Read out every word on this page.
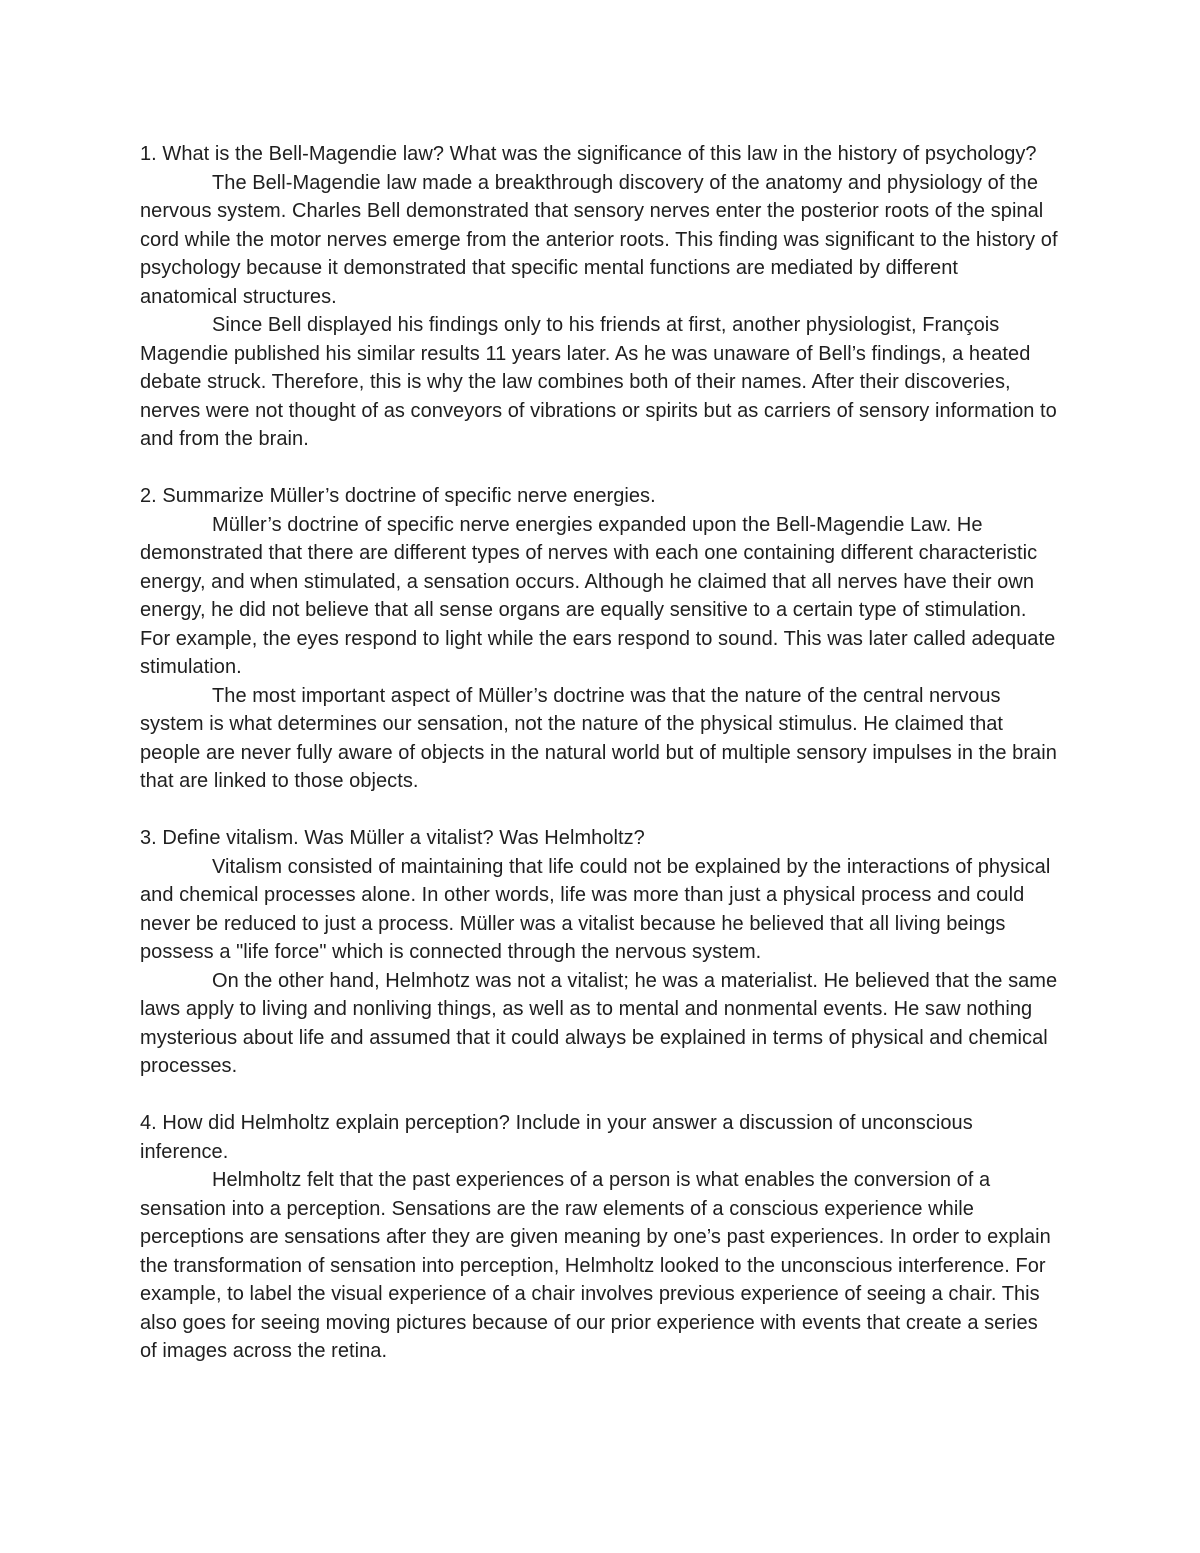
1. What is the Bell-Magendie law? What was the significance of this law in the history of psychology?

The Bell-Magendie law made a breakthrough discovery of the anatomy and physiology of the nervous system. Charles Bell demonstrated that sensory nerves enter the posterior roots of the spinal cord while the motor nerves emerge from the anterior roots. This finding was significant to the history of psychology because it demonstrated that specific mental functions are mediated by different anatomical structures.

Since Bell displayed his findings only to his friends at first, another physiologist, François Magendie published his similar results 11 years later. As he was unaware of Bell’s findings, a heated debate struck. Therefore, this is why the law combines both of their names. After their discoveries, nerves were not thought of as conveyors of vibrations or spirits but as carriers of sensory information to and from the brain.

2. Summarize Müller’s doctrine of specific nerve energies.

Müller’s doctrine of specific nerve energies expanded upon the Bell-Magendie Law. He demonstrated that there are different types of nerves with each one containing different characteristic energy, and when stimulated, a sensation occurs. Although he claimed that all nerves have their own energy, he did not believe that all sense organs are equally sensitive to a certain type of stimulation. For example, the eyes respond to light while the ears respond to sound. This was later called adequate stimulation.

The most important aspect of Müller’s doctrine was that the nature of the central nervous system is what determines our sensation, not the nature of the physical stimulus. He claimed that people are never fully aware of objects in the natural world but of multiple sensory impulses in the brain that are linked to those objects.

3. Define vitalism. Was Müller a vitalist? Was Helmholtz?

Vitalism consisted of maintaining that life could not be explained by the interactions of physical and chemical processes alone. In other words, life was more than just a physical process and could never be reduced to just a process. Müller was a vitalist because he believed that all living beings possess a "life force" which is connected through the nervous system.

On the other hand, Helmhotz was not a vitalist; he was a materialist. He believed that the same laws apply to living and nonliving things, as well as to mental and nonmental events. He saw nothing mysterious about life and assumed that it could always be explained in terms of physical and chemical processes.

4. How did Helmholtz explain perception? Include in your answer a discussion of unconscious inference.

Helmholtz felt that the past experiences of a person is what enables the conversion of a sensation into a perception. Sensations are the raw elements of a conscious experience while perceptions are sensations after they are given meaning by one’s past experiences. In order to explain the transformation of sensation into perception, Helmholtz looked to the unconscious interference. For example, to label the visual experience of a chair involves previous experience of seeing a chair. This also goes for seeing moving pictures because of our prior experience with events that create a series of images across the retina.
